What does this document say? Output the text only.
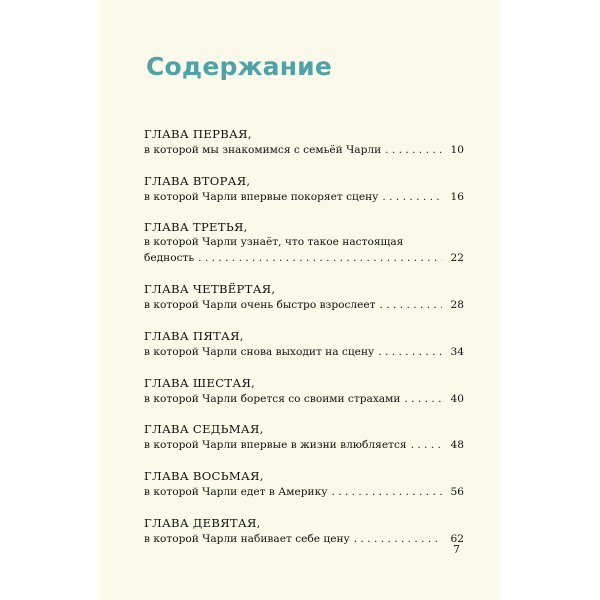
Содержание
ГЛАВА ПЕРВАЯ,
в которой мы знакомимся с семьёй Чарли . . .	10
ГЛАВА ВТОРАЯ,
в которой Чарли впервые покоряет сцену . . .	16
ГЛАВА ТРЕТЬЯ,
в которой Чарли узнаёт, что такое настоящая
бедность . . .	22
ГЛАВА ЧЕТВЁРТАЯ,
в которой Чарли очень быстро взрослеет . . .	28
ГЛАВА ПЯТАЯ,
в которой Чарли снова выходит на сцену . . .	34
ГЛАВА ШЕСТАЯ,
в которой Чарли борется со своими страхами . . .	40
ГЛАВА СЕДЬМАЯ,
в которой Чарли впервые в жизни влюбляется . . .	48
ГЛАВА ВОСЬМАЯ,
в которой Чарли едет в Америку . . .	56
ГЛАВА ДЕВЯТАЯ,
в которой Чарли набивает себе цену . . .	62
7
